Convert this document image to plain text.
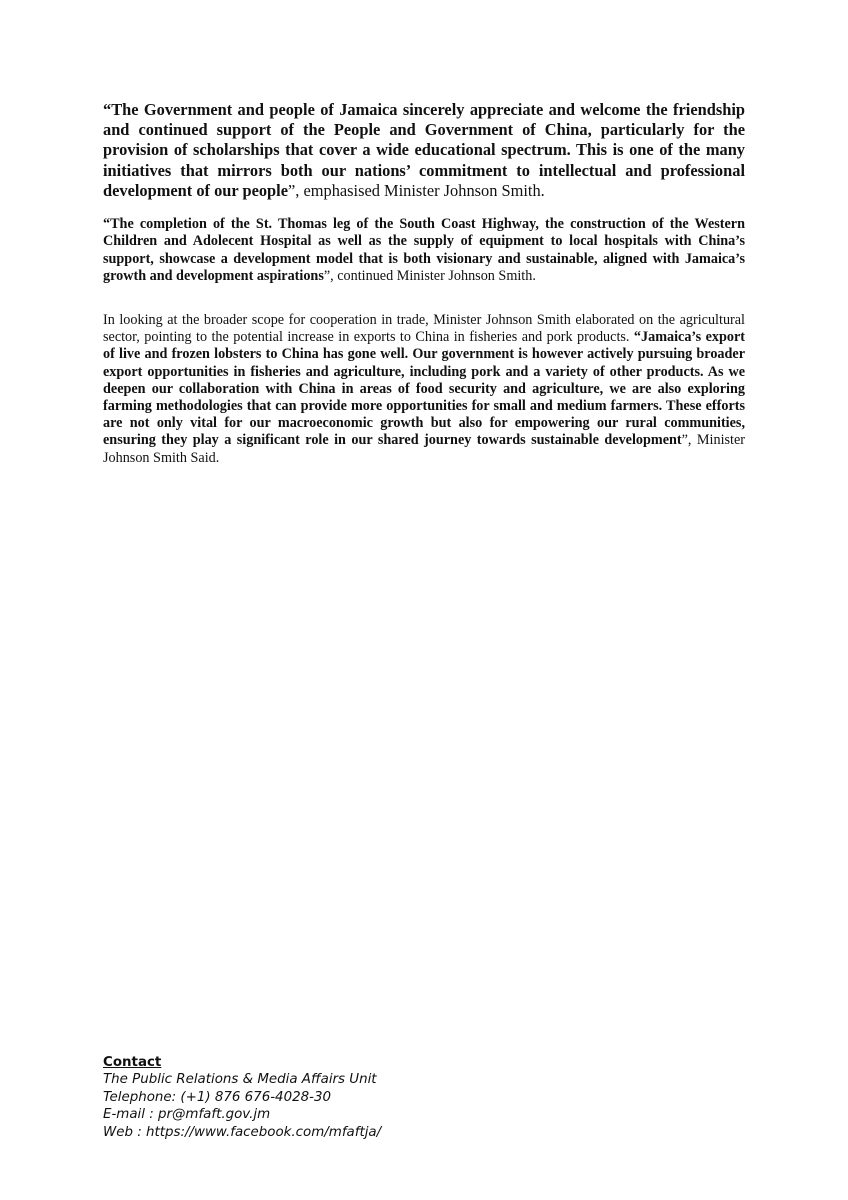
“The Government and people of Jamaica sincerely appreciate and welcome the friendship and continued support of the People and Government of China, particularly for the provision of scholarships that cover a wide educational spectrum. This is one of the many initiatives that mirrors both our nations’ commitment to intellectual and professional development of our people”, emphasised Minister Johnson Smith.

“The completion of the St. Thomas leg of the South Coast Highway, the construction of the Western Children and Adolecent Hospital as well as the supply of equipment to local hospitals with China’s support, showcase a development model that is both visionary and sustainable, aligned with Jamaica’s growth and development aspirations”, continued Minister Johnson Smith.

In looking at the broader scope for cooperation in trade, Minister Johnson Smith elaborated on the agricultural sector, pointing to the potential increase in exports to China in fisheries and pork products. “Jamaica’s export of live and frozen lobsters to China has gone well. Our government is however actively pursuing broader export opportunities in fisheries and agriculture, including pork and a variety of other products. As we deepen our collaboration with China in areas of food security and agriculture, we are also exploring farming methodologies that can provide more opportunities for small and medium farmers. These efforts are not only vital for our macroeconomic growth but also for empowering our rural communities, ensuring they play a significant role in our shared journey towards sustainable development”, Minister Johnson Smith Said.

Contact
The Public Relations & Media Affairs Unit
Telephone: (+1) 876 676-4028-30
E-mail : pr@mfaft.gov.jm
Web : https://www.facebook.com/mfaftja/
